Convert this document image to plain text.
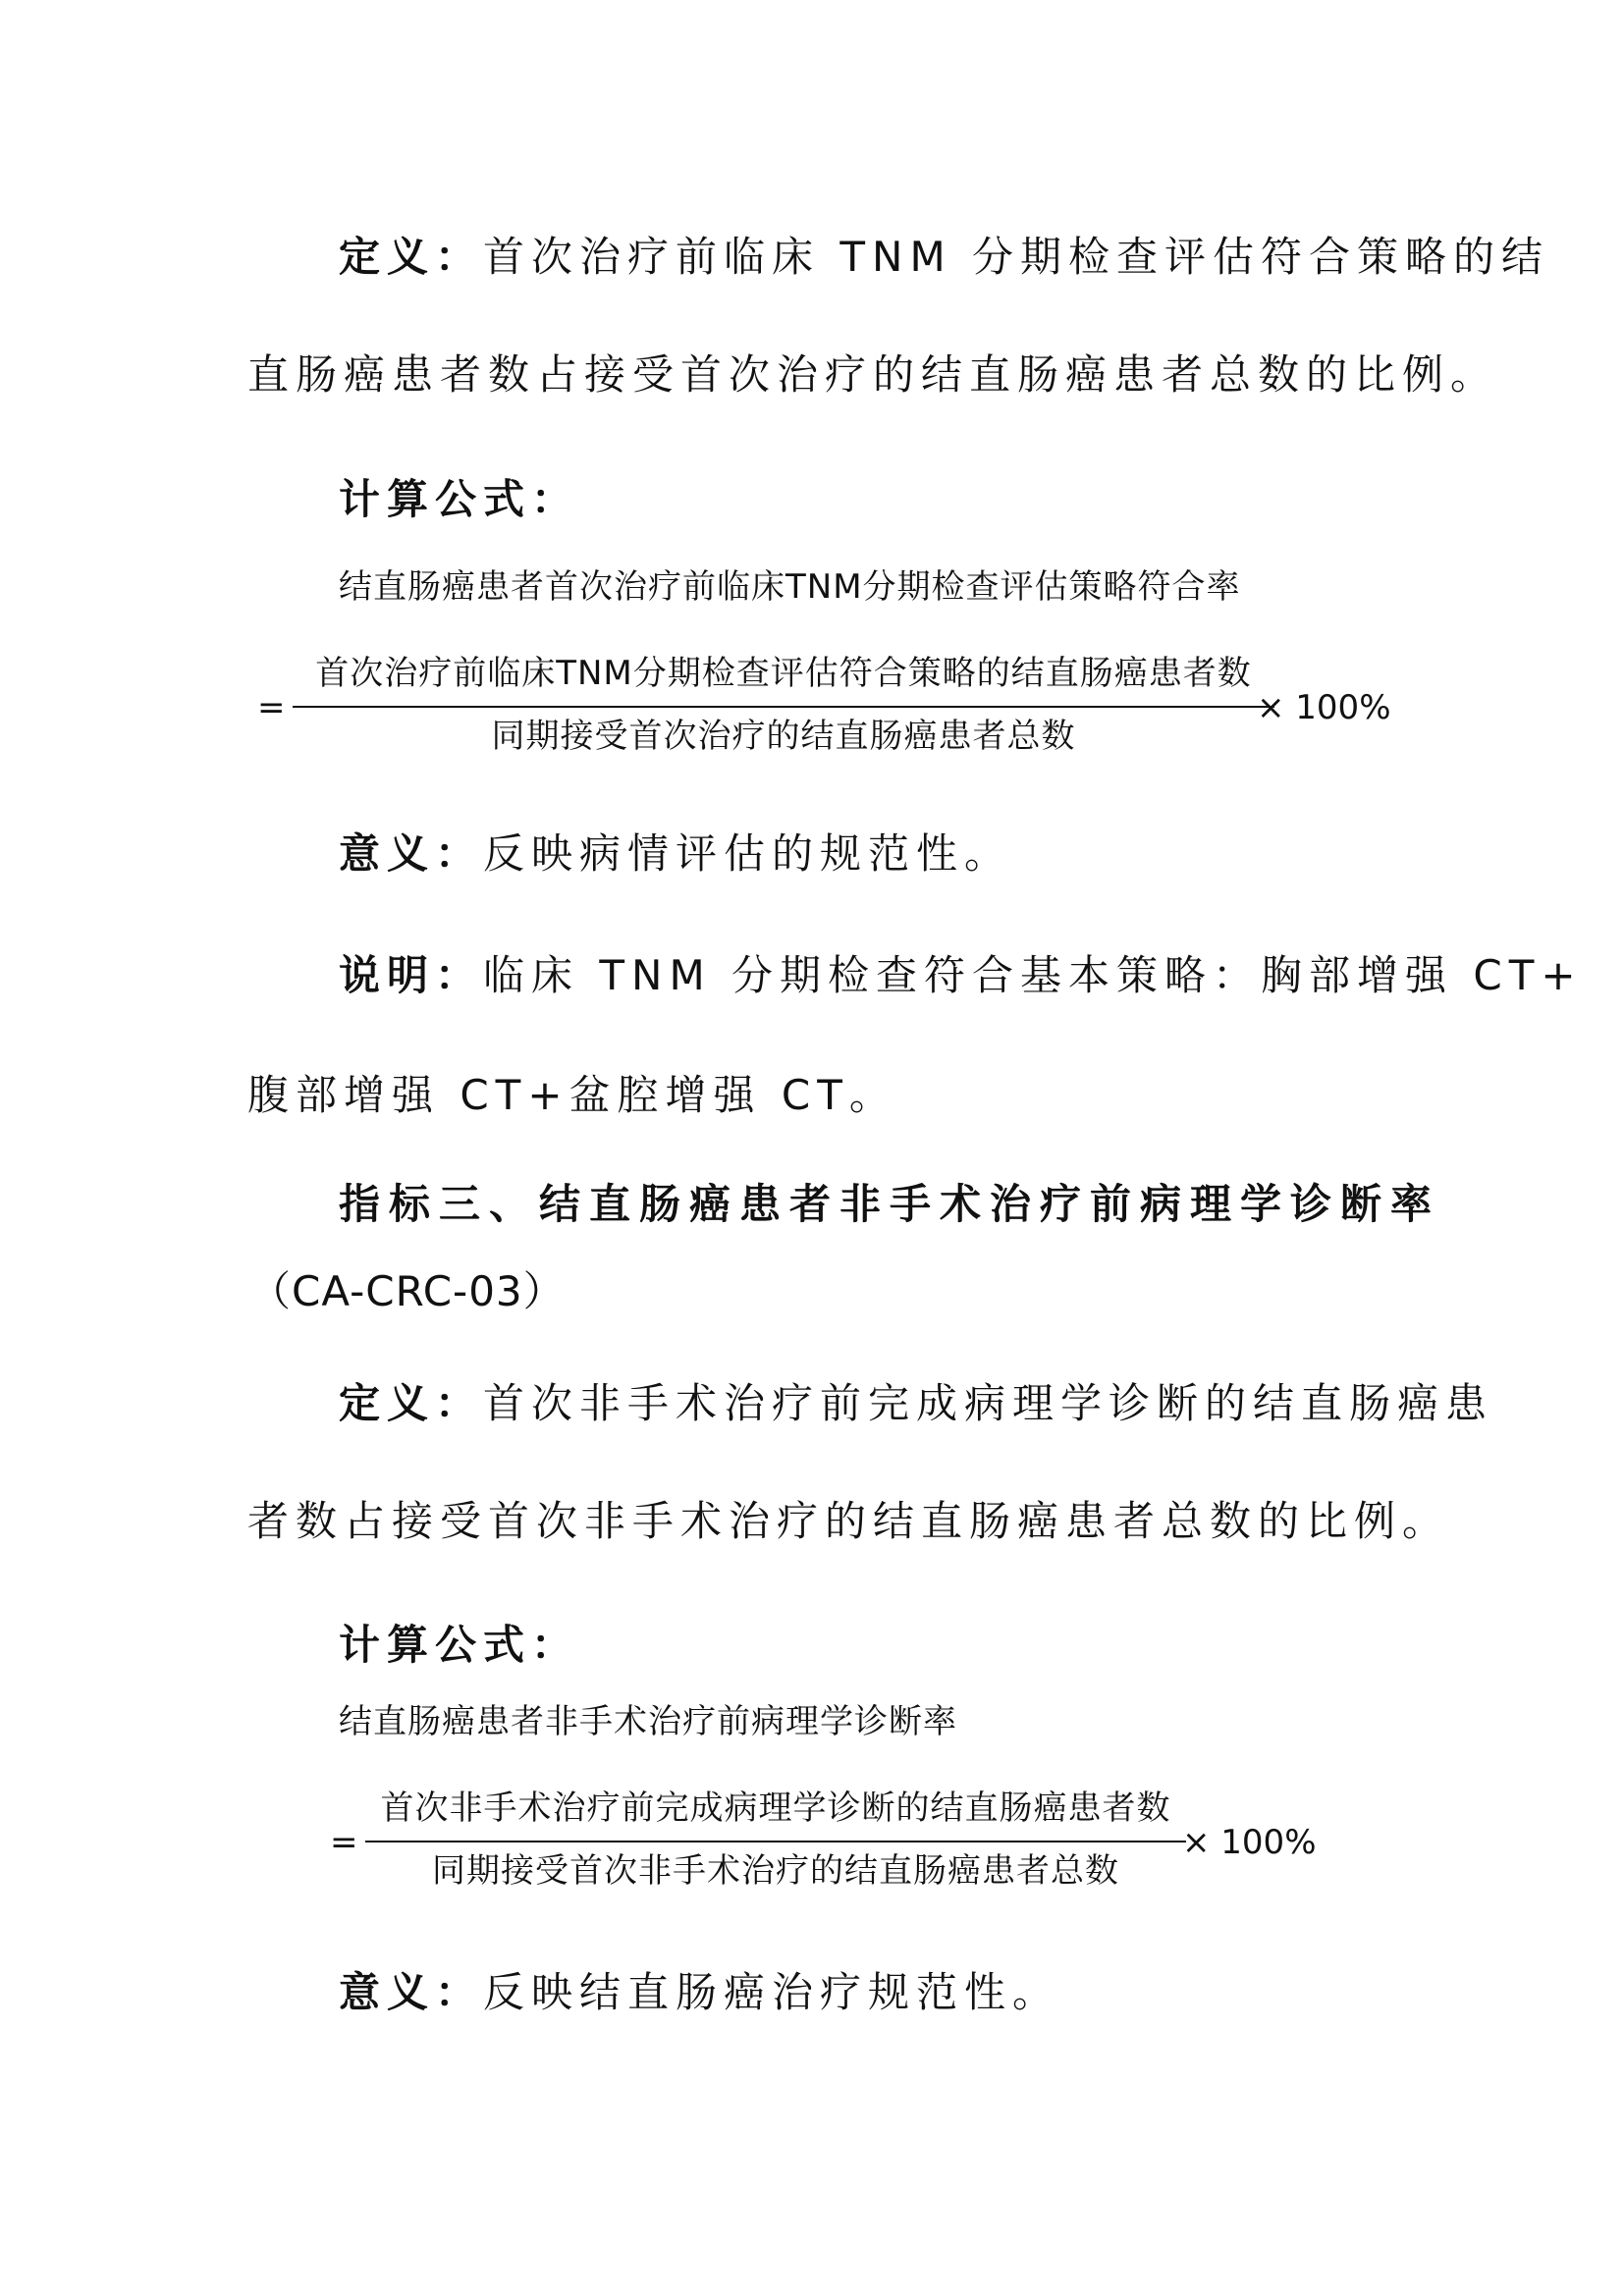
定义：首次治疗前临床 TNM 分期检查评估符合策略的结
直肠癌患者数占接受首次治疗的结直肠癌患者总数的比例。
计算公式：
结直肠癌患者首次治疗前临床TNM分期检查评估策略符合率
=
首次治疗前临床TNM分期检查评估符合策略的结直肠癌患者数
同期接受首次治疗的结直肠癌患者总数
× 100%
意义：反映病情评估的规范性。
说明：临床 TNM 分期检查符合基本策略：胸部增强 CT+
腹部增强 CT+盆腔增强 CT。
指标三、结直肠癌患者非手术治疗前病理学诊断率
（CA-CRC-03）
定义：首次非手术治疗前完成病理学诊断的结直肠癌患
者数占接受首次非手术治疗的结直肠癌患者总数的比例。
计算公式：
结直肠癌患者非手术治疗前病理学诊断率
=
首次非手术治疗前完成病理学诊断的结直肠癌患者数
同期接受首次非手术治疗的结直肠癌患者总数
× 100%
意义：反映结直肠癌治疗规范性。
